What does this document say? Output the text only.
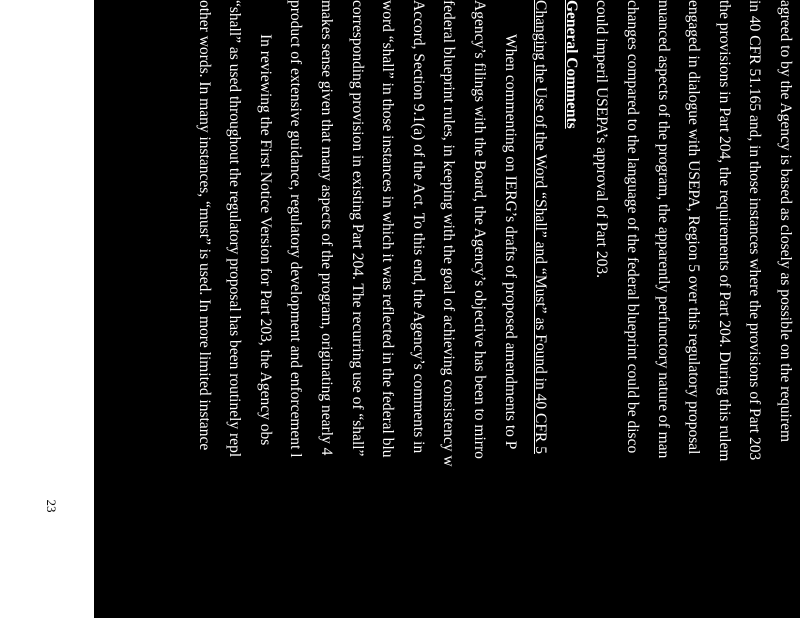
agreed to by the Agency is based as closely as possible on the requirem
in 40 CFR 51.165 and, in those instances where the provisions of Part 203
the provisions in Part 204, the requirements of Part 204. During this rulem
engaged in dialogue with USEPA, Region 5 over this regulatory proposal
nuanced aspects of the program, the apparently perfunctory nature of man
changes compared to the language of the federal blueprint could be disco
could imperil USEPA’s approval of Part 203.
General Comments
Changing the Use of the Word “Shall” and “Must” as Found in 40 CFR 5
When commenting on IERG’s drafts of proposed amendments to P
Agency’s filings with the Board, the Agency’s objective has been to mirro
federal blueprint rules, in keeping with the goal of achieving consistency w
Accord, Section 9.1(a) of the Act. To this end, the Agency’s comments in
word “shall” in those instances in which it was reflected in the federal blu
corresponding provision in existing Part 204. The recurring use of “shall”
makes sense given that many aspects of the program, originating nearly 4
product of extensive guidance, regulatory development and enforcement l
In reviewing the First Notice Version for Part 203, the Agency obs
“shall” as used throughout the regulatory proposal has been routinely repl
other words. In many instances, “must” is used. In more limited instance
23
